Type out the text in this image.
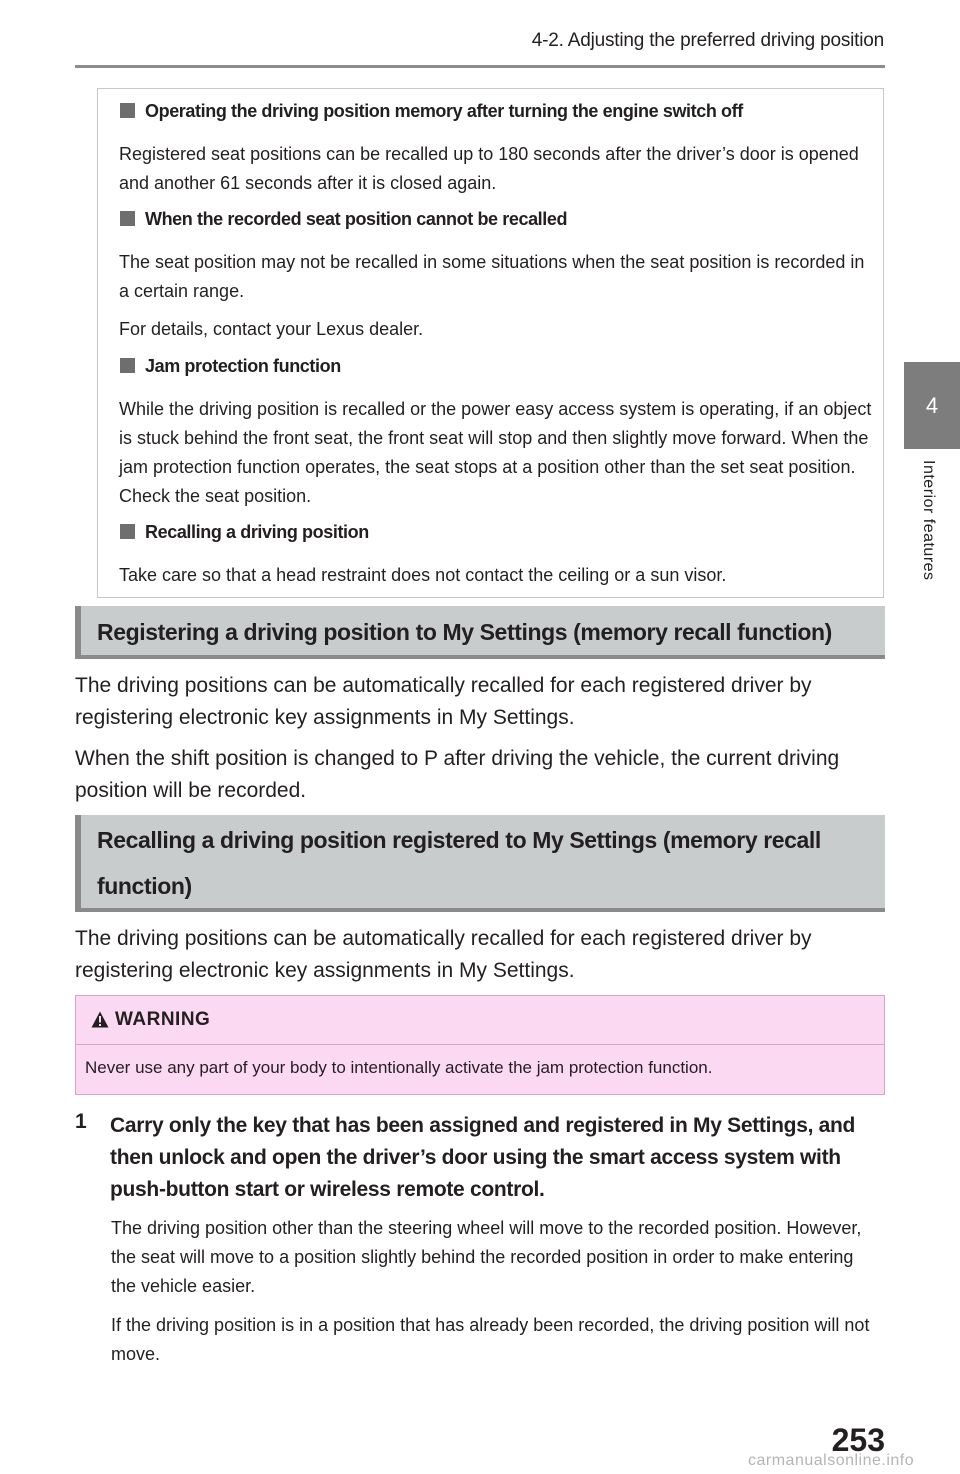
4-2. Adjusting the preferred driving position
4
Interior features
Operating the driving position memory after turning the engine switch off
Registered seat positions can be recalled up to 180 seconds after the driver’s door is opened and another 61 seconds after it is closed again.
When the recorded seat position cannot be recalled
The seat position may not be recalled in some situations when the seat position is recorded in a certain range.
For details, contact your Lexus dealer.
Jam protection function
While the driving position is recalled or the power easy access system is operating, if an object is stuck behind the front seat, the front seat will stop and then slightly move forward. When the jam protection function operates, the seat stops at a position other than the set seat position. Check the seat position.
Recalling a driving position
Take care so that a head restraint does not contact the ceiling or a sun visor.
Registering a driving position to My Settings (memory recall function)
The driving positions can be automatically recalled for each registered driver by registering electronic key assignments in My Settings.
When the shift position is changed to P after driving the vehicle, the current driving position will be recorded.
Recalling a driving position registered to My Settings (memory recall
function)
The driving positions can be automatically recalled for each registered driver by registering electronic key assignments in My Settings.
WARNING
Never use any part of your body to intentionally activate the jam protection function.
1 Carry only the key that has been assigned and registered in My Settings, and then unlock and open the driver’s door using the smart access system with push-button start or wireless remote control.
The driving position other than the steering wheel will move to the recorded position. However, the seat will move to a position slightly behind the recorded position in order to make entering the vehicle easier.
If the driving position is in a position that has already been recorded, the driving position will not move.
253
carmanualsonline.info
